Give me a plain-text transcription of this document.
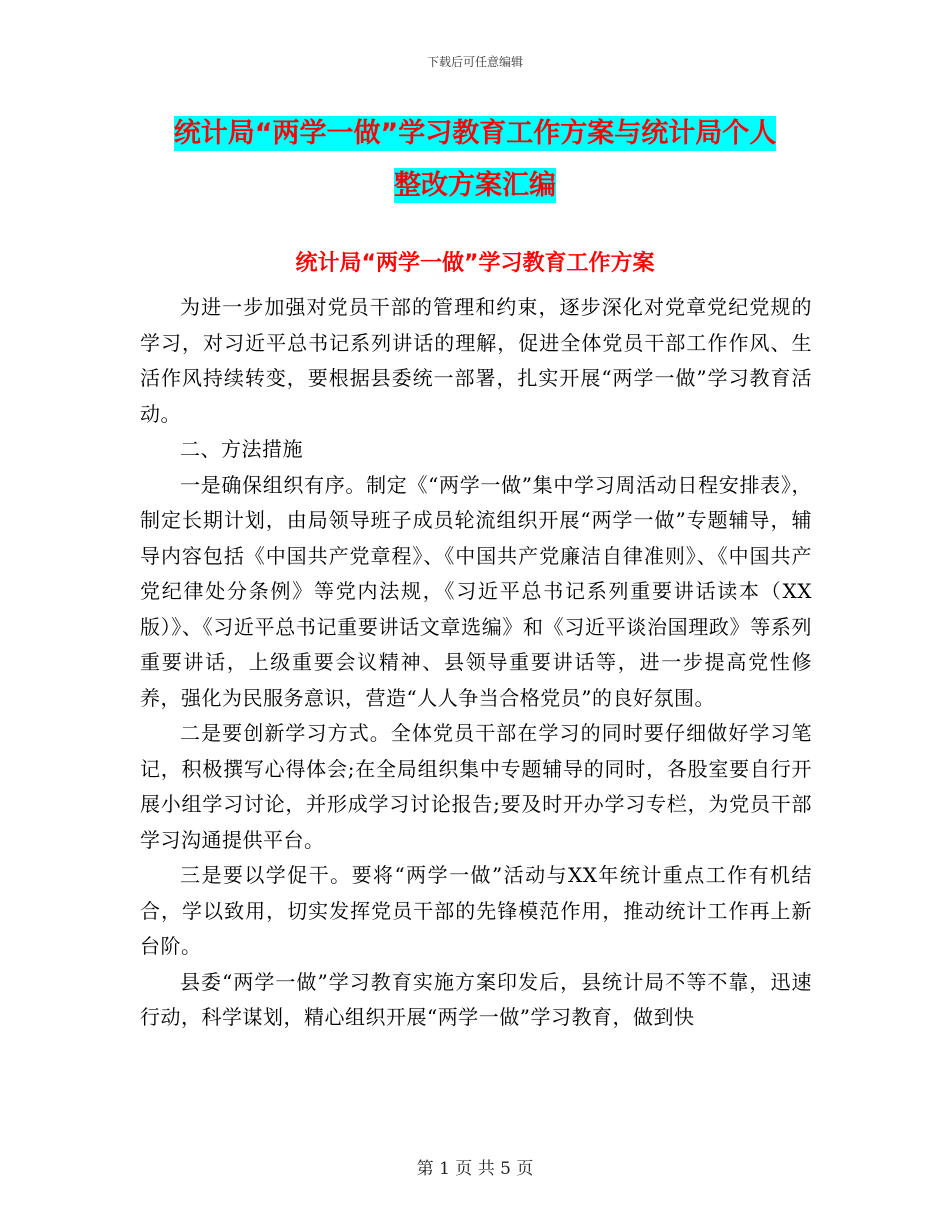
下载后可任意编辑
统计局“两学一做”学习教育工作方案与统计局个人
整改方案汇编
统计局“两学一做”学习教育工作方案

为进一步加强对党员干部的管理和约束，逐步深化对党章党纪党规的学习，对习近平总书记系列讲话的理解，促进全体党员干部工作作风、生活作风持续转变，要根据县委统一部署，扎实开展“两学一做”学习教育活动。

二、方法措施

一是确保组织有序。制定《“两学一做”集中学习周活动日程安排表》，制定长期计划，由局领导班子成员轮流组织开展“两学一做”专题辅导，辅导内容包括《中国共产党章程》、《中国共产党廉洁自律准则》、《中国共产党纪律处分条例》等党内法规，《习近平总书记系列重要讲话读本（XX版）》、《习近平总书记重要讲话文章选编》和《习近平谈治国理政》等系列重要讲话，上级重要会议精神、县领导重要讲话等，进一步提高党性修养，强化为民服务意识，营造“人人争当合格党员”的良好氛围。

二是要创新学习方式。全体党员干部在学习的同时要仔细做好学习笔记，积极撰写心得体会;在全局组织集中专题辅导的同时，各股室要自行开展小组学习讨论，并形成学习讨论报告;要及时开办学习专栏，为党员干部学习沟通提供平台。

三是要以学促干。要将“两学一做”活动与XX年统计重点工作有机结合，学以致用，切实发挥党员干部的先锋模范作用，推动统计工作再上新台阶。

县委“两学一做”学习教育实施方案印发后，县统计局不等不靠，迅速行动，科学谋划，精心组织开展“两学一做”学习教育，做到快

第 1 页 共 5 页
